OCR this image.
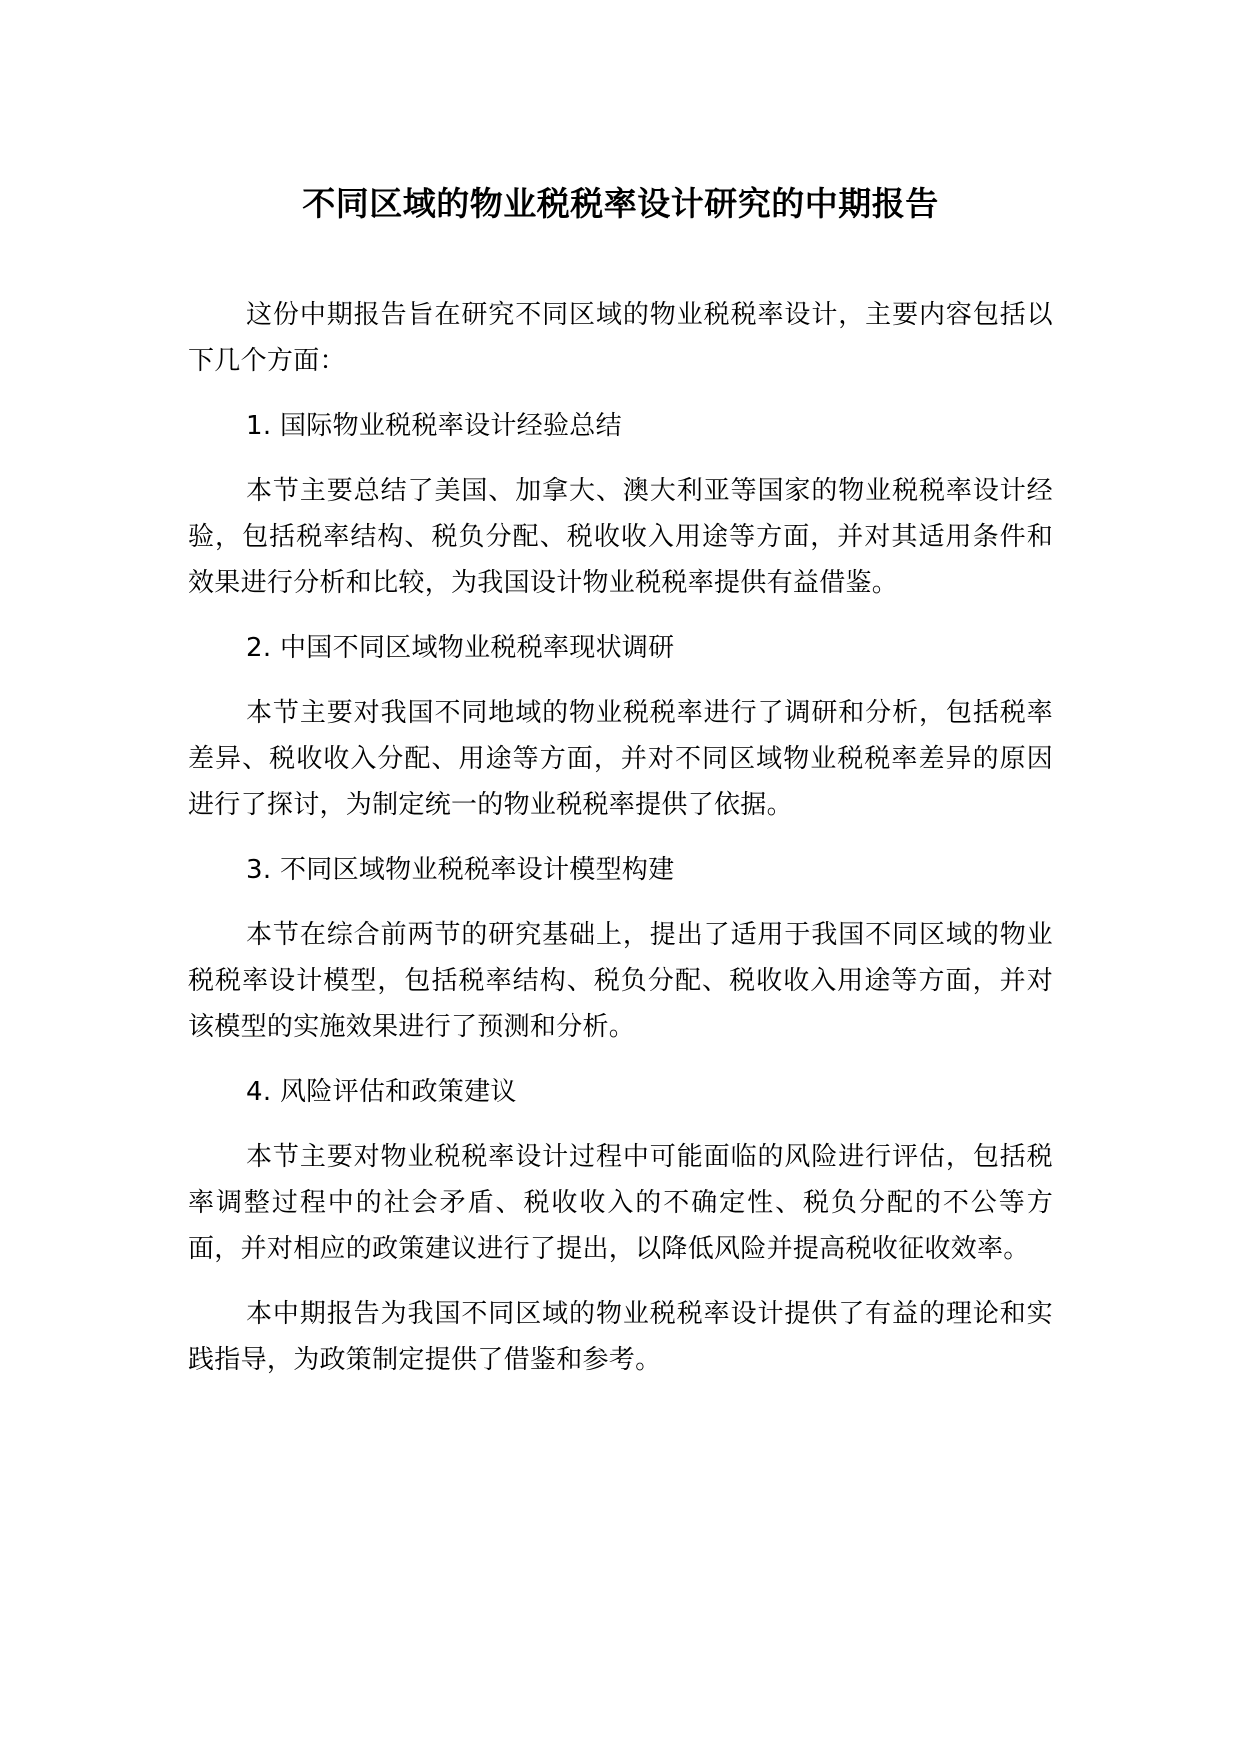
不同区域的物业税税率设计研究的中期报告

这份中期报告旨在研究不同区域的物业税税率设计，主要内容包括以下几个方面：

1. 国际物业税税率设计经验总结

本节主要总结了美国、加拿大、澳大利亚等国家的物业税税率设计经验，包括税率结构、税负分配、税收收入用途等方面，并对其适用条件和效果进行分析和比较，为我国设计物业税税率提供有益借鉴。

2. 中国不同区域物业税税率现状调研

本节主要对我国不同地域的物业税税率进行了调研和分析，包括税率差异、税收收入分配、用途等方面，并对不同区域物业税税率差异的原因进行了探讨，为制定统一的物业税税率提供了依据。

3. 不同区域物业税税率设计模型构建

本节在综合前两节的研究基础上，提出了适用于我国不同区域的物业税税率设计模型，包括税率结构、税负分配、税收收入用途等方面，并对该模型的实施效果进行了预测和分析。

4. 风险评估和政策建议

本节主要对物业税税率设计过程中可能面临的风险进行评估，包括税率调整过程中的社会矛盾、税收收入的不确定性、税负分配的不公等方面，并对相应的政策建议进行了提出，以降低风险并提高税收征收效率。

本中期报告为我国不同区域的物业税税率设计提供了有益的理论和实践指导，为政策制定提供了借鉴和参考。
